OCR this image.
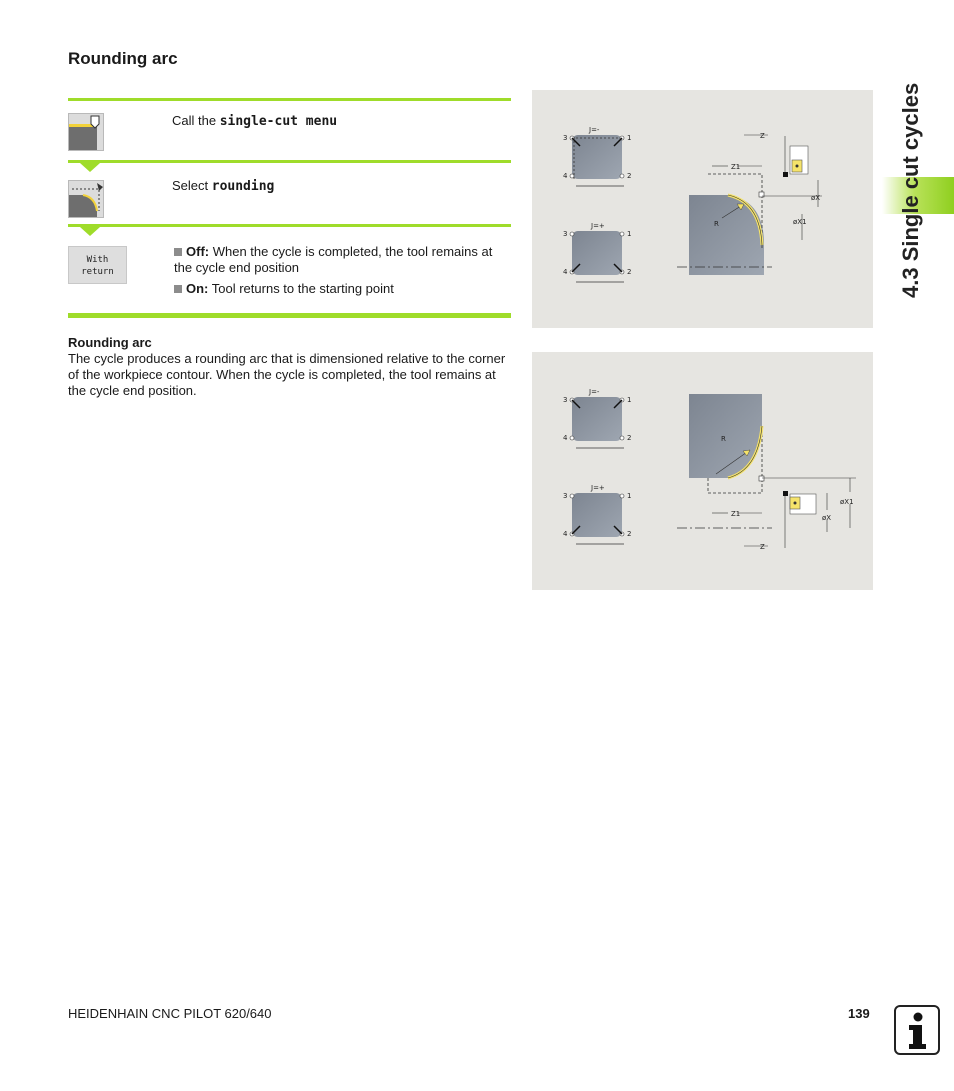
Rounding arc
Call the single-cut menu
Select rounding
With
return
Off: When the cycle is completed, the tool remains at the cycle end position
On: Tool returns to the starting point
Rounding arc
The cycle produces a rounding arc that is dimensioned relative to the corner of the workpiece contour. When the cycle is completed, the tool remains at the cycle end position.
J=-
3	1
4	2
J=+
3	1
4	2
Z
Z1
R
øX
øX1
J=-
3	1
4	2
J=+
3	1
4	2
Z
Z1
R
øX1
øX
4.3 Single cut cycles
HEIDENHAIN CNC PILOT 620/640	139
